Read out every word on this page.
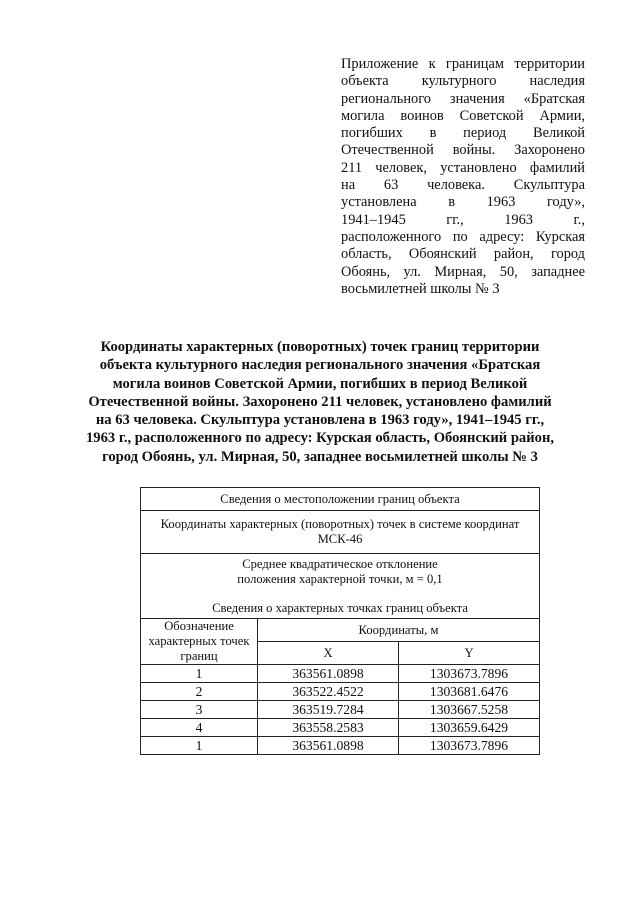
Приложение к границам территории
объекта культурного наследия
регионального значения «Братская
могила воинов Советской Армии,
погибших в период Великой
Отечественной войны. Захоронено
211 человек, установлено фамилий
на 63 человека. Скульптура
установлена в 1963 году»,
1941–1945 гг., 1963 г.,
расположенного по адресу: Курская
область, Обоянский район, город
Обоянь, ул. Мирная, 50, западнее
восьмилетней школы № 3
Координаты характерных (поворотных) точек границ территории
объекта культурного наследия регионального значения «Братская
могила воинов Советской Армии, погибших в период Великой
Отечественной войны. Захоронено 211 человек, установлено фамилий
на 63 человека. Скульптура установлена в 1963 году», 1941–1945 гг.,
1963 г., расположенного по адресу: Курская область, Обоянский район,
город Обоянь, ул. Мирная, 50, западнее восьмилетней школы № 3
Сведения о местоположении границ объекта		
Координаты характерных (поворотных) точек в системе координат
МСК-46		
Среднее квадратическое отклонение
положения характерной точки, м = 0,1
Сведения о характерных точках границ объекта		
Обозначение характерных точек границ	Координаты, м	
	X	Y
1	363561.0898	1303673.7896
2	363522.4522	1303681.6476
3	363519.7284	1303667.5258
4	363558.2583	1303659.6429
1	363561.0898	1303673.7896
